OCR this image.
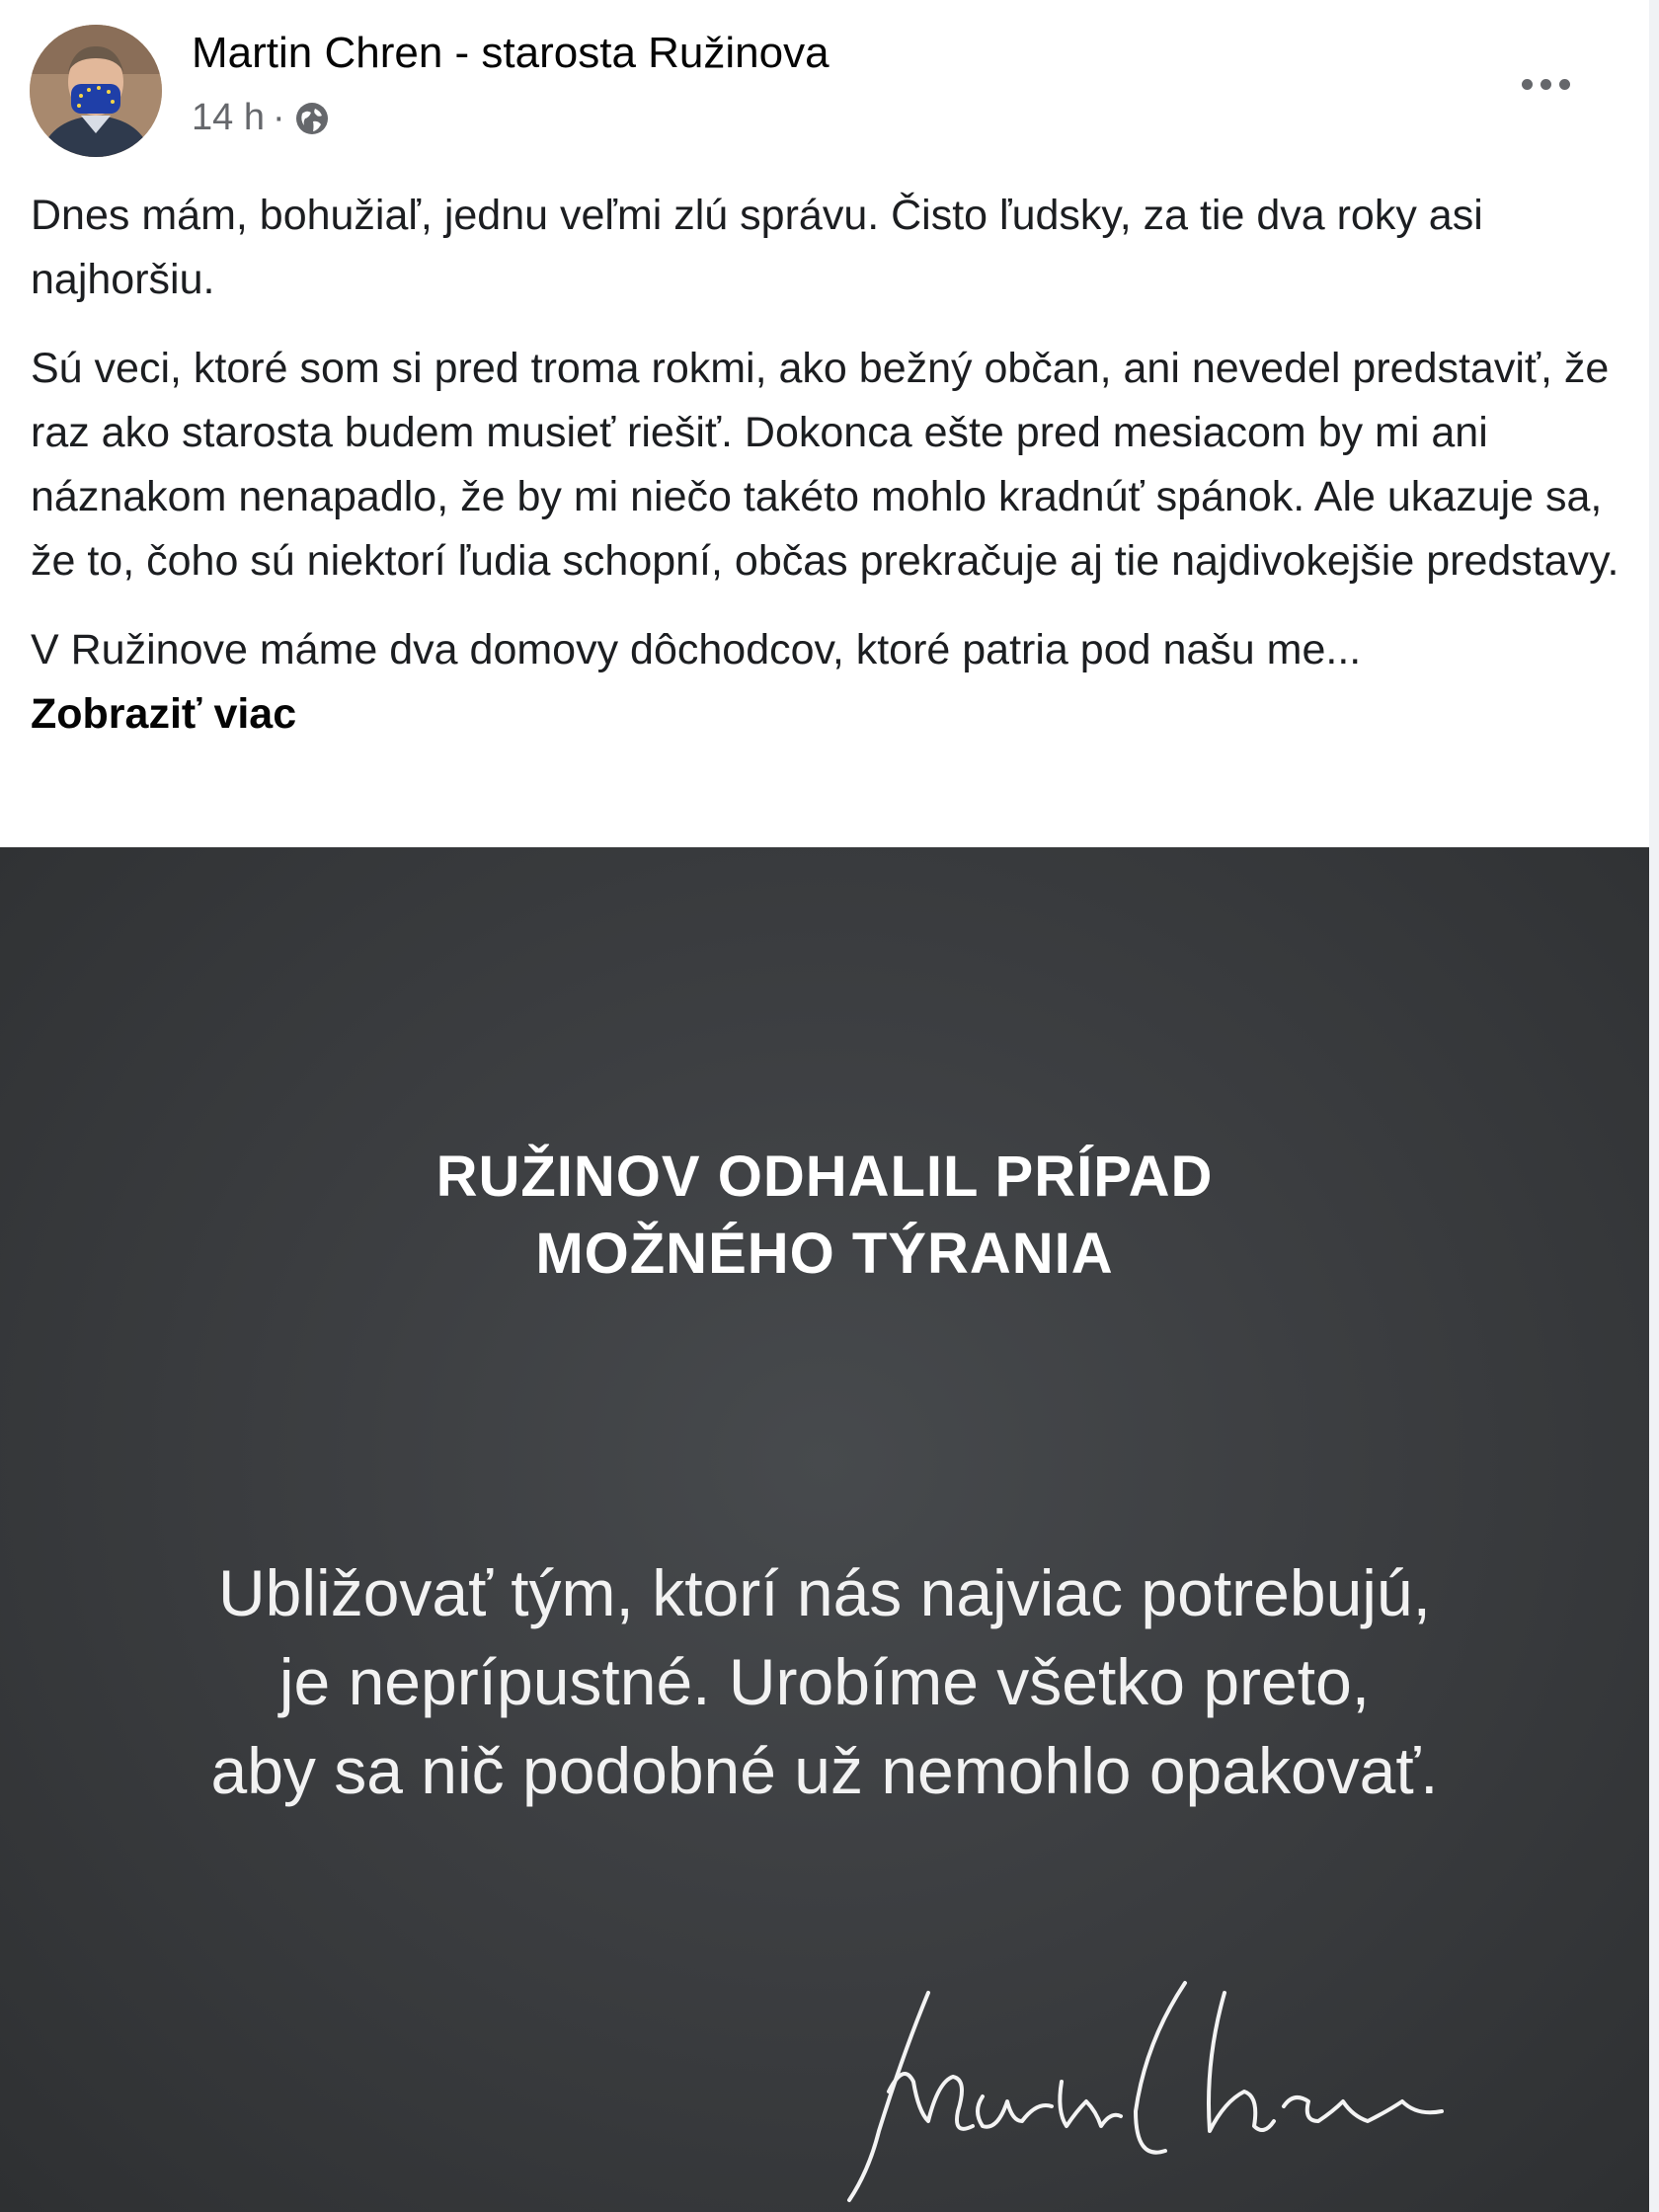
Martin Chren - starosta Ružinova
14 h ·

Dnes mám, bohužiaľ, jednu veľmi zlú správu. Čisto ľudsky, za tie dva roky asi najhoršiu.

Sú veci, ktoré som si pred troma rokmi, ako bežný občan, ani nevedel predstaviť, že raz ako starosta budem musieť riešiť. Dokonca ešte pred mesiacom by mi ani náznakom nenapadlo, že by mi niečo takéto mohlo kradnúť spánok. Ale ukazuje sa, že to, čoho sú niektorí ľudia schopní, občas prekračuje aj tie najdivokejšie predstavy.

V Ružinove máme dva domovy dôchodcov, ktoré patria pod našu me...
Zobraziť viac

RUŽINOV ODHALIL PRÍPAD
MOŽNÉHO TÝRANIA
Ubližovať tým, ktorí nás najviac potrebujú,
je neprípustné. Urobíme všetko preto,
aby sa nič podobné už nemohlo opakovať.
